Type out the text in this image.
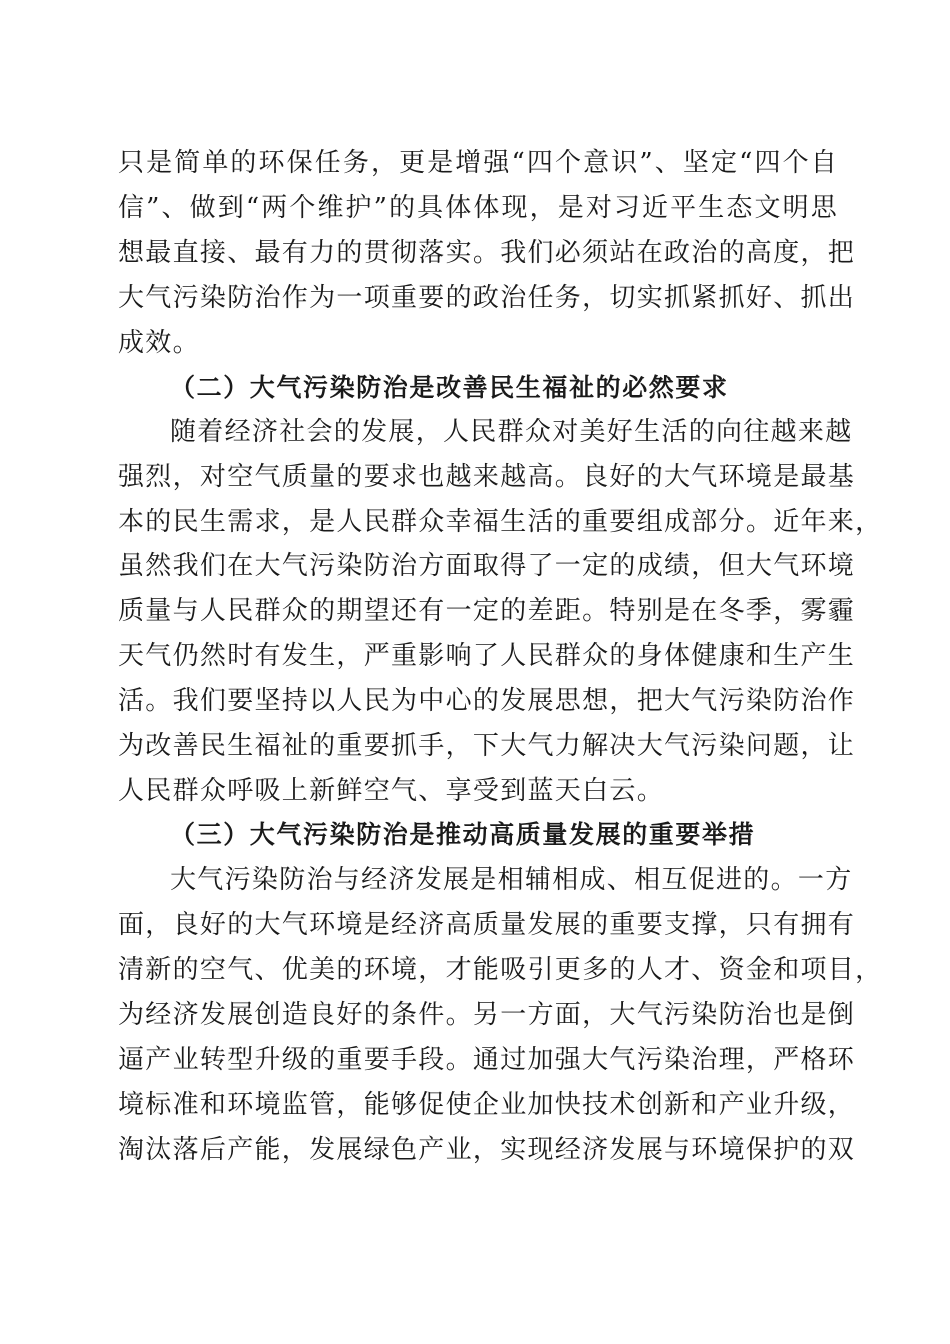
只是简单的环保任务，更是增强“四个意识”、坚定“四个自
信”、做到“两个维护”的具体体现，是对习近平生态文明思
想最直接、最有力的贯彻落实。我们必须站在政治的高度，把
大气污染防治作为一项重要的政治任务，切实抓紧抓好、抓出
成效。
（二）大气污染防治是改善民生福祉的必然要求
随着经济社会的发展，人民群众对美好生活的向往越来越
强烈，对空气质量的要求也越来越高。良好的大气环境是最基
本的民生需求，是人民群众幸福生活的重要组成部分。近年来，
虽然我们在大气污染防治方面取得了一定的成绩，但大气环境
质量与人民群众的期望还有一定的差距。特别是在冬季，雾霾
天气仍然时有发生，严重影响了人民群众的身体健康和生产生
活。我们要坚持以人民为中心的发展思想，把大气污染防治作
为改善民生福祉的重要抓手，下大气力解决大气污染问题，让
人民群众呼吸上新鲜空气、享受到蓝天白云。
（三）大气污染防治是推动高质量发展的重要举措
大气污染防治与经济发展是相辅相成、相互促进的。一方
面，良好的大气环境是经济高质量发展的重要支撑，只有拥有
清新的空气、优美的环境，才能吸引更多的人才、资金和项目，
为经济发展创造良好的条件。另一方面，大气污染防治也是倒
逼产业转型升级的重要手段。通过加强大气污染治理，严格环
境标准和环境监管，能够促使企业加快技术创新和产业升级，
淘汰落后产能，发展绿色产业，实现经济发展与环境保护的双
